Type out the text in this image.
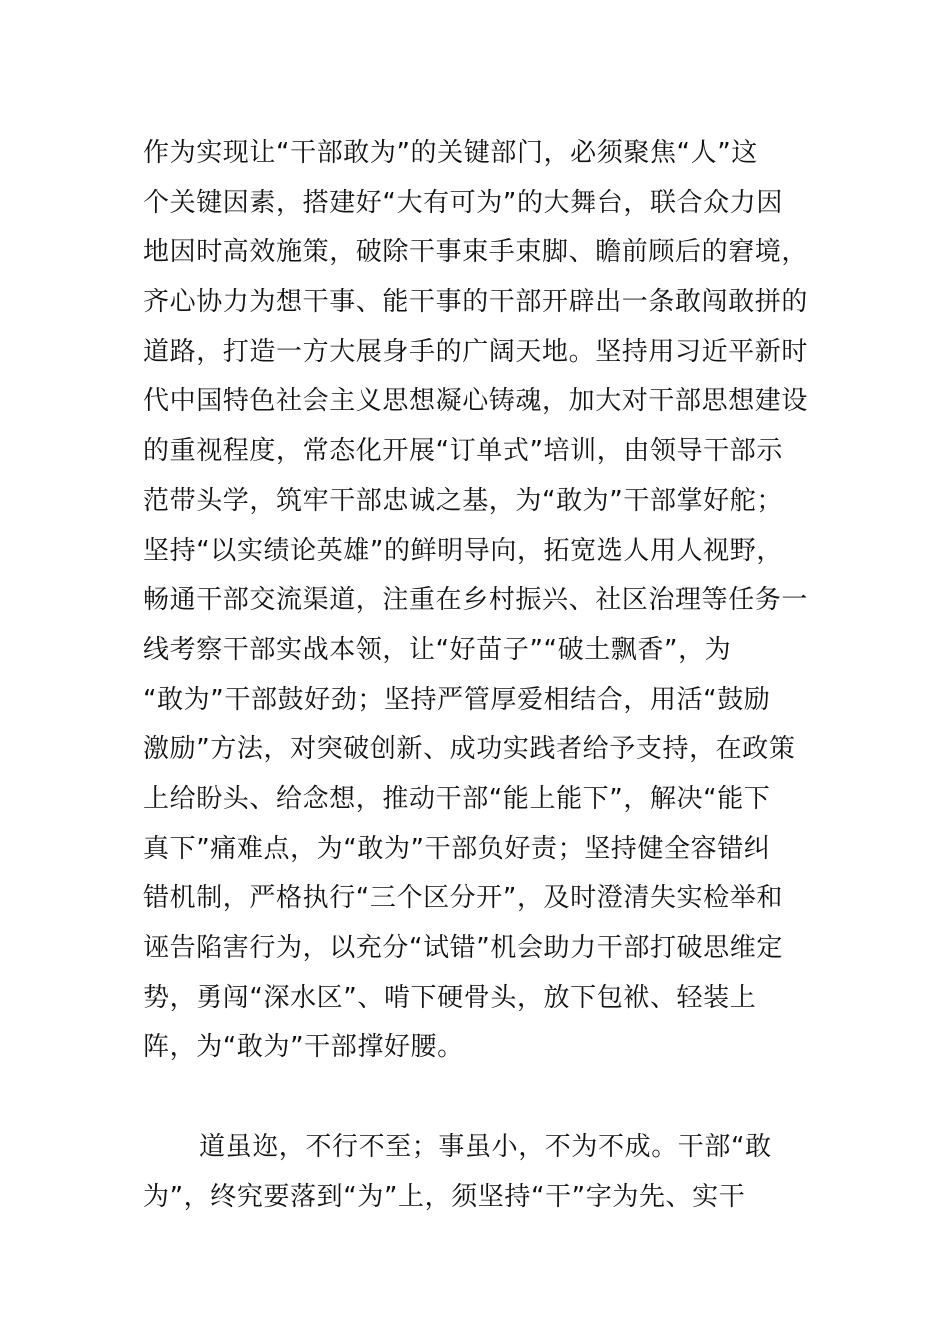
作为实现让“干部敢为”的关键部门，必须聚焦“人”这
个关键因素，搭建好“大有可为”的大舞台，联合众力因
地因时高效施策，破除干事束手束脚、瞻前顾后的窘境，
齐心协力为想干事、能干事的干部开辟出一条敢闯敢拼的
道路，打造一方大展身手的广阔天地。坚持用习近平新时
代中国特色社会主义思想凝心铸魂，加大对干部思想建设
的重视程度，常态化开展“订单式”培训，由领导干部示
范带头学，筑牢干部忠诚之基，为“敢为”干部掌好舵；
坚持“以实绩论英雄”的鲜明导向，拓宽选人用人视野，
畅通干部交流渠道，注重在乡村振兴、社区治理等任务一
线考察干部实战本领，让“好苗子”“破土飘香”，为
“敢为”干部鼓好劲；坚持严管厚爱相结合，用活“鼓励
激励”方法，对突破创新、成功实践者给予支持，在政策
上给盼头、给念想，推动干部“能上能下”，解决“能下
真下”痛难点，为“敢为”干部负好责；坚持健全容错纠
错机制，严格执行“三个区分开”，及时澄清失实检举和
诬告陷害行为，以充分“试错”机会助力干部打破思维定
势，勇闯“深水区”、啃下硬骨头，放下包袱、轻装上
阵，为“敢为”干部撑好腰。
道虽迩，不行不至；事虽小，不为不成。干部“敢
为”，终究要落到“为”上，须坚持“干”字为先、实干
